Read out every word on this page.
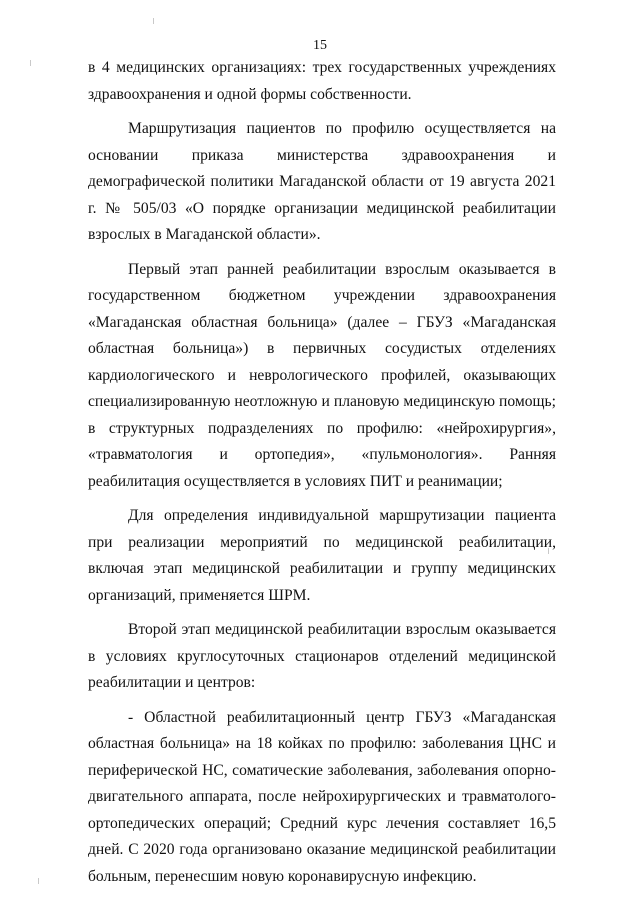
15

в 4 медицинских организациях: трех государственных учреждениях здравоохранения и одной формы собственности.

Маршрутизация пациентов по профилю осуществляется на основании приказа министерства здравоохранения и демографической политики Магаданской области от 19 августа 2021 г. № 505/03 «О порядке организации медицинской реабилитации взрослых в Магаданской области».

Первый этап ранней реабилитации взрослым оказывается в государственном бюджетном учреждении здравоохранения «Магаданская областная больница» (далее – ГБУЗ «Магаданская областная больница») в первичных сосудистых отделениях кардиологического и неврологического профилей, оказывающих специализированную неотложную и плановую медицинскую помощь; в структурных подразделениях по профилю: «нейрохирургия», «травматология и ортопедия», «пульмонология». Ранняя реабилитация осуществляется в условиях ПИТ и реанимации;

Для определения индивидуальной маршрутизации пациента при реализации мероприятий по медицинской реабилитации, включая этап медицинской реабилитации и группу медицинских организаций, применяется ШРМ.

Второй этап медицинской реабилитации взрослым оказывается в условиях круглосуточных стационаров отделений медицинской реабилитации и центров:

- Областной реабилитационный центр ГБУЗ «Магаданская областная больница» на 18 койках по профилю: заболевания ЦНС и периферической НС, соматические заболевания, заболевания опорно-двигательного аппарата, после нейрохирургических и травматолого-ортопедических операций; Средний курс лечения составляет 16,5 дней. С 2020 года организовано оказание медицинской реабилитации больным, перенесшим новую коронавирусную инфекцию.
